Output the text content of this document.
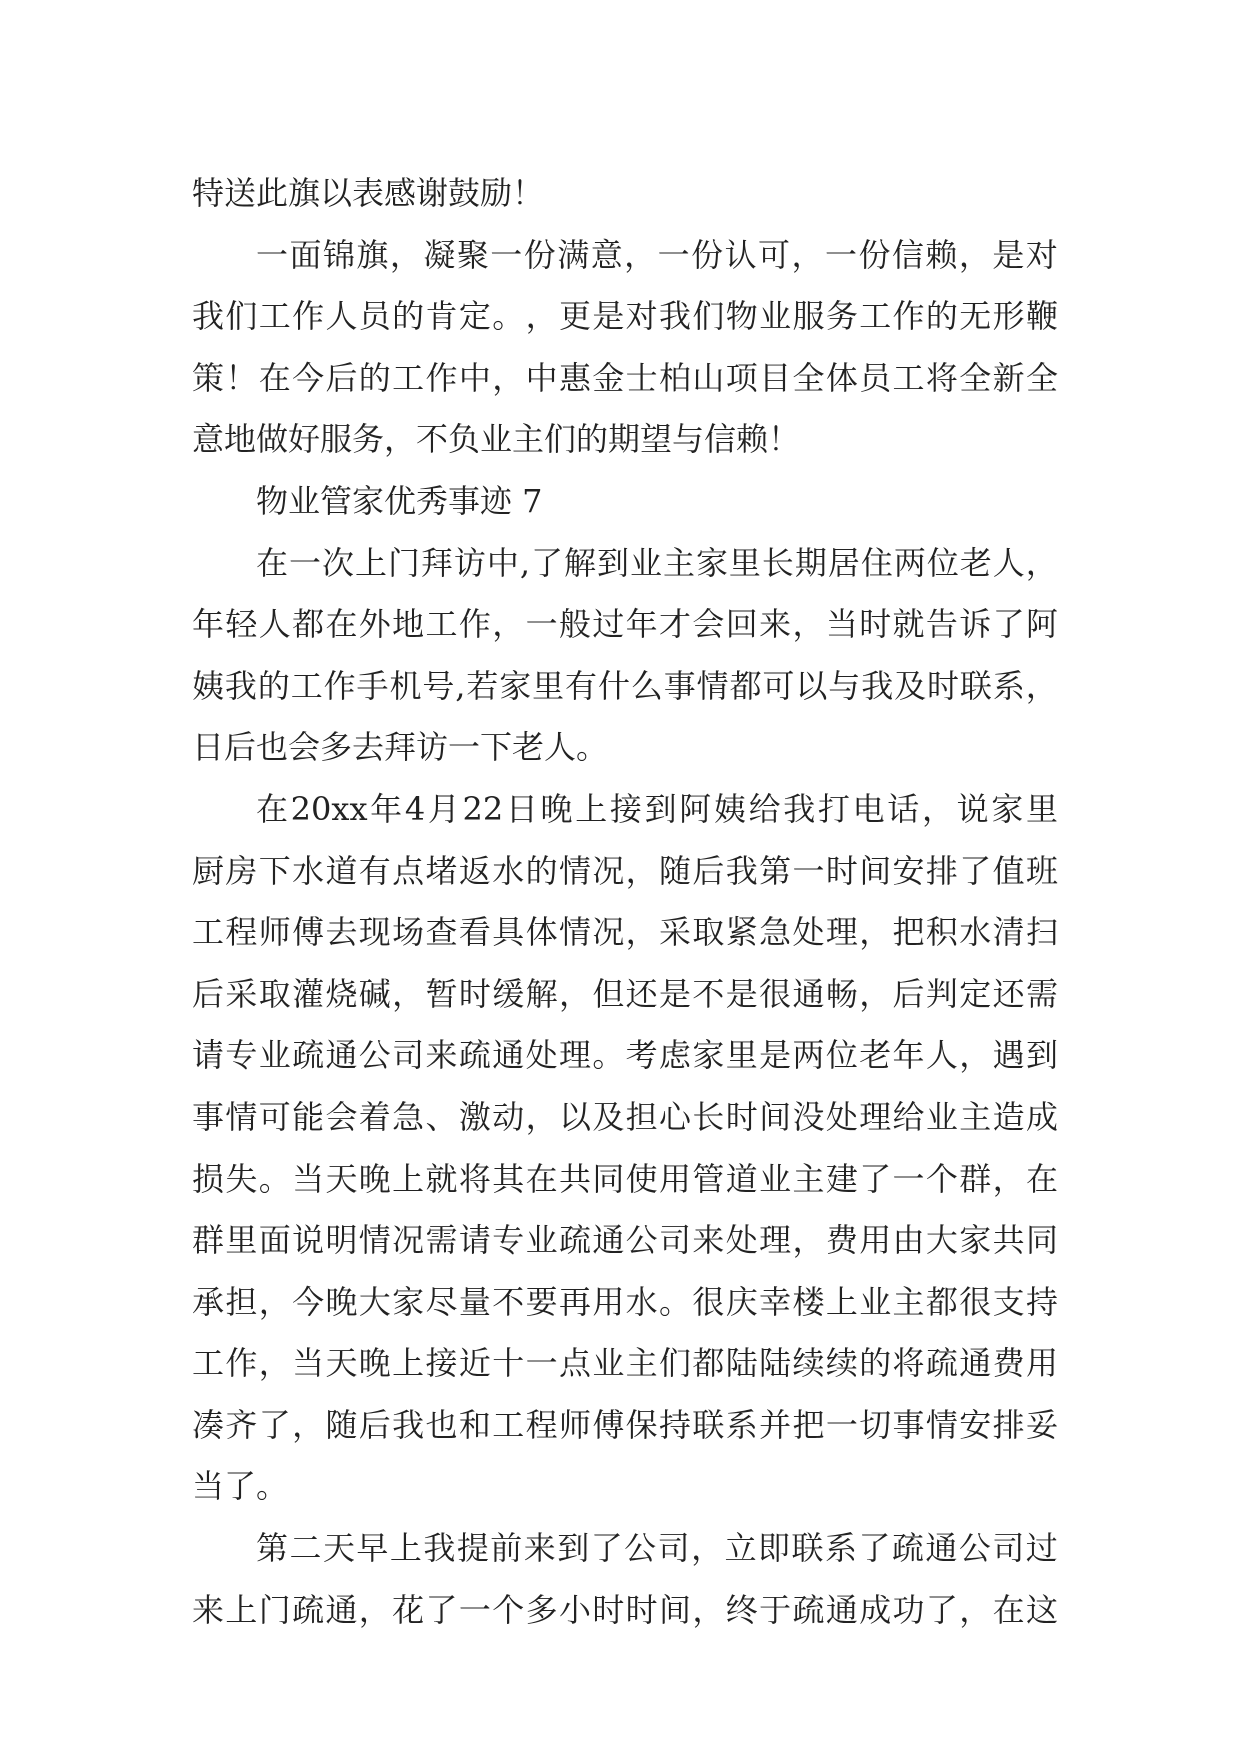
特送此旗以表感谢鼓励！
一 面 锦 旗 ， 凝 聚 一 份 满 意 ， 一 份 认 可 ， 一 份 信 赖 ， 是 对
我 们 工 作 人 员 的 肯 定 。 ， 更 是 对 我 们 物 业 服 务 工 作 的 无 形 鞭
策 ！ 在 今 后 的 工 作 中 ， 中 惠 金 士 柏 山 项 目 全 体 员 工 将 全 新 全
意地做好服务，不负业主们的期望与信赖！
物业管家优秀事迹 7
在 一 次 上 门 拜 访 中 , 了 解 到 业 主 家 里 长 期 居 住 两 位 老 人 ，
年 轻 人 都 在 外 地 工 作 ， 一 般 过 年 才 会 回 来 ， 当 时 就 告 诉 了 阿
姨 我 的 工 作 手 机 号 , 若 家 里 有 什 么 事 情 都 可 以 与 我 及 时 联 系 ，
日后也会多去拜访一下老人。
在 20xx 年 4 月 22 日 晚 上 接 到 阿 姨 给 我 打 电 话 ， 说 家 里
厨 房 下 水 道 有 点 堵 返 水 的 情 况 ， 随 后 我 第 一 时 间 安 排 了 值 班
工 程 师 傅 去 现 场 查 看 具 体 情 况 ， 采 取 紧 急 处 理 ， 把 积 水 清 扫
后 采 取 灌 烧 碱 ， 暂 时 缓 解 ， 但 还 是 不 是 很 通 畅 ， 后 判 定 还 需
请 专 业 疏 通 公 司 来 疏 通 处 理 。 考 虑 家 里 是 两 位 老 年 人 ， 遇 到
事 情 可 能 会 着 急 、 激 动 ， 以 及 担 心 长 时 间 没 处 理 给 业 主 造 成
损 失 。 当 天 晚 上 就 将 其 在 共 同 使 用 管 道 业 主 建 了 一 个 群 ， 在
群 里 面 说 明 情 况 需 请 专 业 疏 通 公 司 来 处 理 ， 费 用 由 大 家 共 同
承 担 ， 今 晚 大 家 尽 量 不 要 再 用 水 。 很 庆 幸 楼 上 业 主 都 很 支 持
工 作 ， 当 天 晚 上 接 近 十 一 点 业 主 们 都 陆 陆 续 续 的 将 疏 通 费 用
凑 齐 了 ， 随 后 我 也 和 工 程 师 傅 保 持 联 系 并 把 一 切 事 情 安 排 妥
当了。
第 二 天 早 上 我 提 前 来 到 了 公 司 ， 立 即 联 系 了 疏 通 公 司 过
来 上 门 疏 通 ， 花 了 一 个 多 小 时 时 间 ， 终 于 疏 通 成 功 了 ， 在 这
